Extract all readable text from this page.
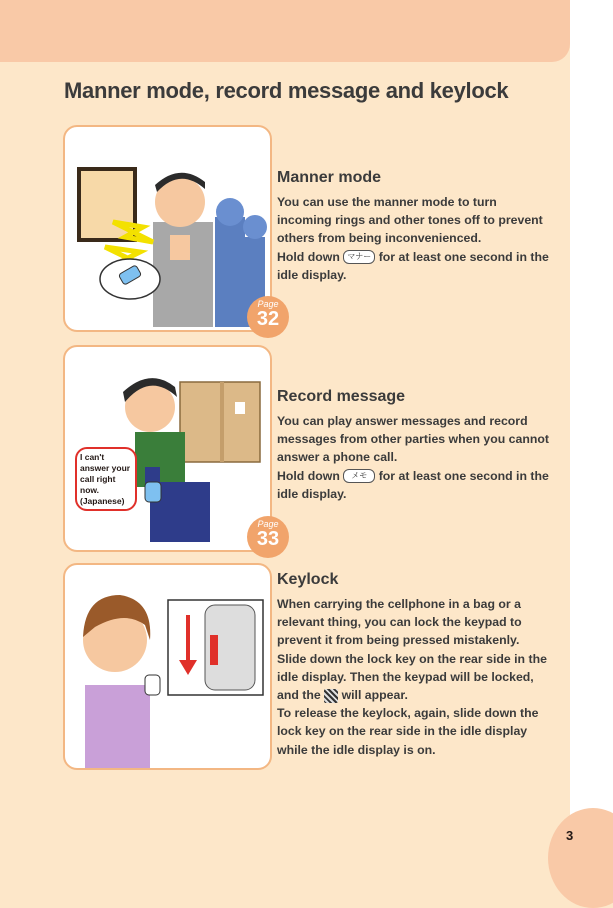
3
Manner mode, record message and keylock
Page
32
Manner mode

You can use the manner mode to turn incoming rings and other tones off to prevent others from being inconvenienced.
Hold down マナー for at least one second in the idle display.

I can't answer your call right now. (Japanese)
Page
33
Record message

You can play answer messages and record messages from other parties when you cannot answer a phone call.
Hold down メモ for at least one second in the idle display.

Keylock

When carrying the cellphone in a bag or a relevant thing, you can lock the keypad to prevent it from being pressed mistakenly.
Slide down the lock key on the rear side in the idle display. Then the keypad will be locked, and the will appear.
To release the keylock, again, slide down the lock key on the rear side in the idle display while the idle display is on.
